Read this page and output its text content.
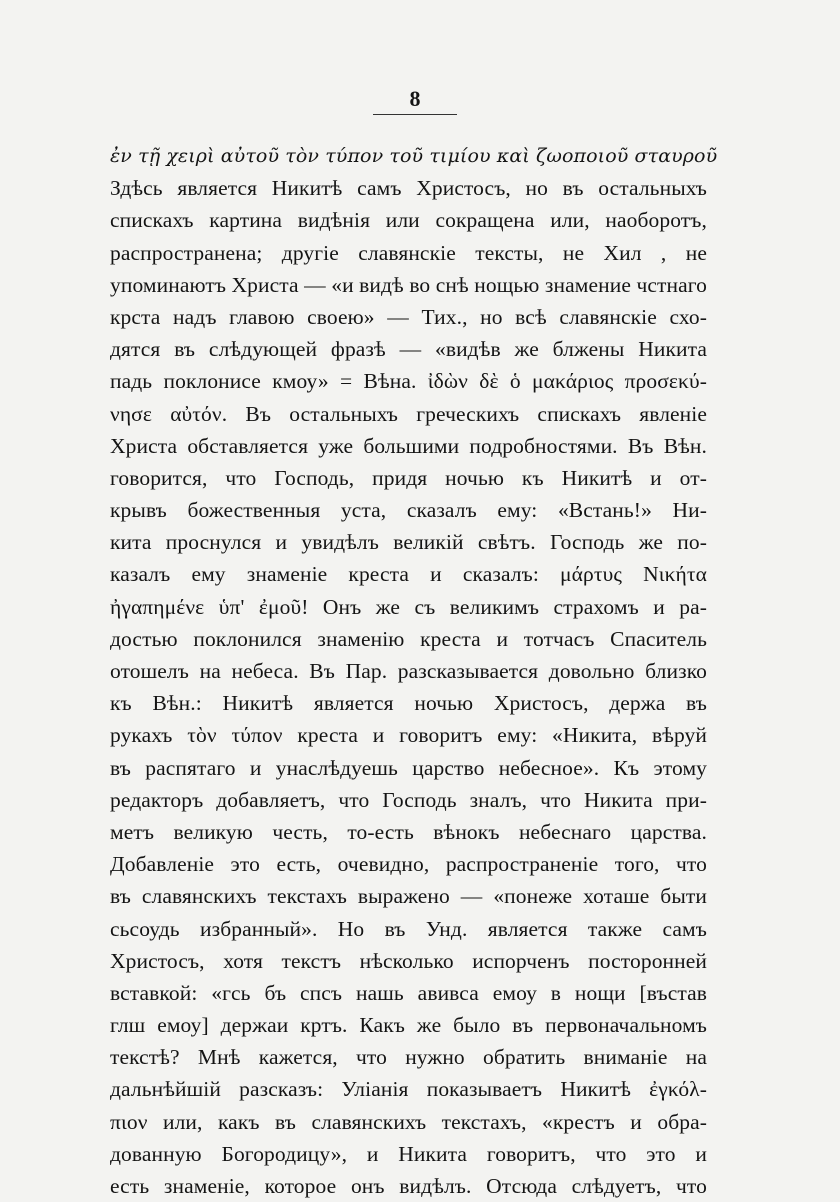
8
ἐν τῇ χειρὶ αὐτοῦ τὸν τύπον τοῦ τιμίου καὶ ζωοποιοῦ σταυροῦ
Здѣсь является Никитѣ самъ Христосъ, но въ остальныхъ
спискахъ картина видѣнія или сокращена или, наоборотъ,
распространена; другіе славянскіе тексты, не Хил , не
упоминаютъ Христа — «и видѣ во снѣ нощью знамение чстнаго
крста надъ главою своею» — Тих., но всѣ славянскіе схо-
дятся въ слѣдующей фразѣ — «видѣв же блжены Никита
падь поклонисе кмоу» = Вѣна. ἰδὼν δὲ ὁ μακάριος προσεκύ-
νησε αὐτόν. Въ остальныхъ греческихъ спискахъ явленіе
Христа обставляется уже большими подробностями. Въ Вѣн.
говорится, что Господь, придя ночью къ Никитѣ и от-
крывъ божественныя уста, сказалъ ему: «Встань!» Ни-
кита проснулся и увидѣлъ великій свѣтъ. Господь же по-
казалъ ему знаменіе креста и сказалъ: μάρτυς Νικήτα
ἠγαπημένε ὑπ' ἐμοῦ! Онъ же съ великимъ страхомъ и ра-
достью поклонился знаменію креста и тотчасъ Спаситель
отошелъ на небеса. Въ Пар. разсказывается довольно близко
къ Вѣн.: Никитѣ является ночью Христосъ, держа въ
рукахъ τὸν τύπον креста и говоритъ ему: «Никита, вѣруй
въ распятаго и унаслѣдуешь царство небесное». Къ этому
редакторъ добавляетъ, что Господь зналъ, что Никита при-
метъ великую честь, то-есть вѣнокъ небеснаго царства.
Добавленіе это есть, очевидно, распространеніе того, что
въ славянскихъ текстахъ выражено — «понеже хоташе быти
сьсоудь избранный». Но въ Унд. является также самъ
Христосъ, хотя текстъ нѣсколько испорченъ посторонней
вставкой: «гсь бъ спсъ нашь авивса емоу в нощи [въстав
глш емоу] держаи кртъ. Какъ же было въ первоначальномъ
текстѣ? Мнѣ кажется, что нужно обратить вниманіе на
дальнѣйшій разсказъ: Уліанія показываетъ Никитѣ ἐγκόλ-
πιον или, какъ въ славянскихъ текстахъ, «крестъ и обра-
дованную Богородицу», и Никита говоритъ, что это и
есть знаменіе, которое онъ видѣлъ. Отсюда слѣдуетъ, что
